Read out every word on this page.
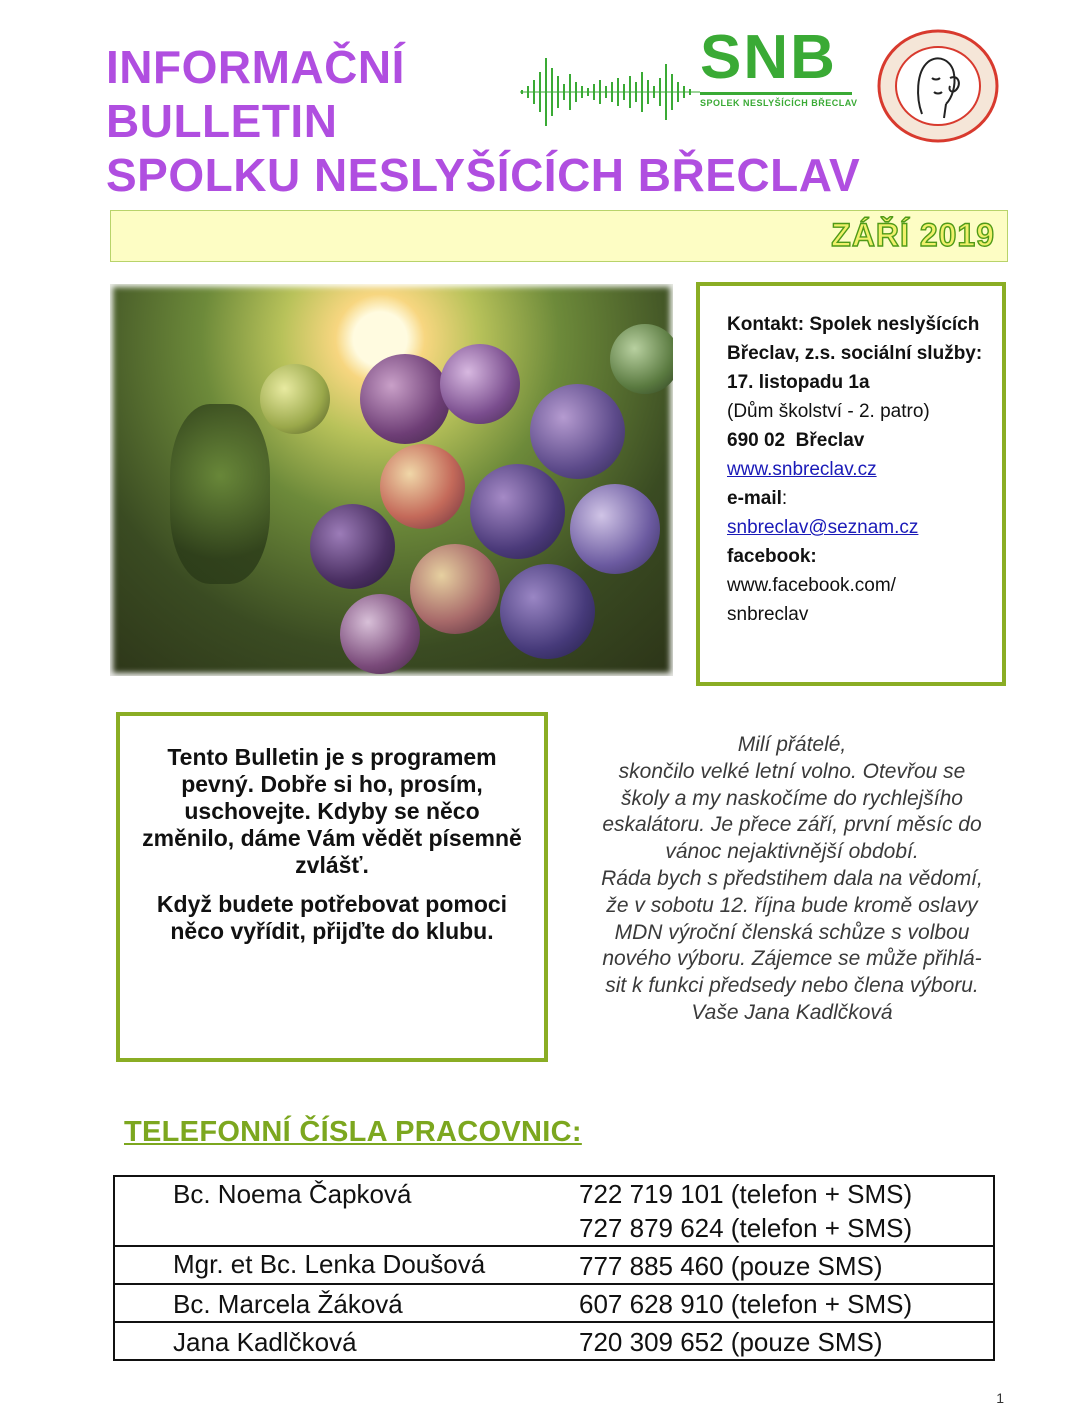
INFORMAČNÍ
BULLETIN
SPOLKU NESLYŠÍCÍCH BŘECLAV
SNB
SPOLEK NESLYŠÍCÍCH BŘECLAV
ZÁŘÍ 2019
Kontakt: Spolek neslyšících Břeclav, z.s. sociální služby:
17. listopadu 1a
(Dům školství - 2. patro)
690 02  Břeclav
www.snbreclav.cz
e-mail:
snbreclav@seznam.cz
facebook:
www.facebook.com/
snbreclav

Tento Bulletin je s programem pevný. Dobře si ho, prosím, uschovejte. Kdyby se něco změnilo, dáme Vám vědět písemně zvlášť.

Když budete potřebovat pomoci něco vyřídit, přijďte do klubu.

Milí přátelé,
skončilo velké letní volno. Otevřou se
školy a my naskočíme do rychlejšího
eskalátoru. Je přece září, první měsíc do
vánoc nejaktivnější období.
Ráda bych s předstihem dala na vědomí,
že v sobotu 12. října bude kromě oslavy
MDN výroční členská schůze s volbou
nového výboru. Zájemce se může přihlá-
sit k funkci předsedy nebo člena výboru.
Vaše Jana Kadlčková
TELEFONNÍ ČÍSLA PRACOVNIC:
Bc. Noema Čapková	722 719 101 (telefon + SMS)
727 879 624 (telefon + SMS)

Mgr. et Bc. Lenka Doušová	777 885 460 (pouze SMS)

Bc. Marcela Žáková	607 628 910 (telefon + SMS)

Jana Kadlčková	720 309 652 (pouze SMS)
1
